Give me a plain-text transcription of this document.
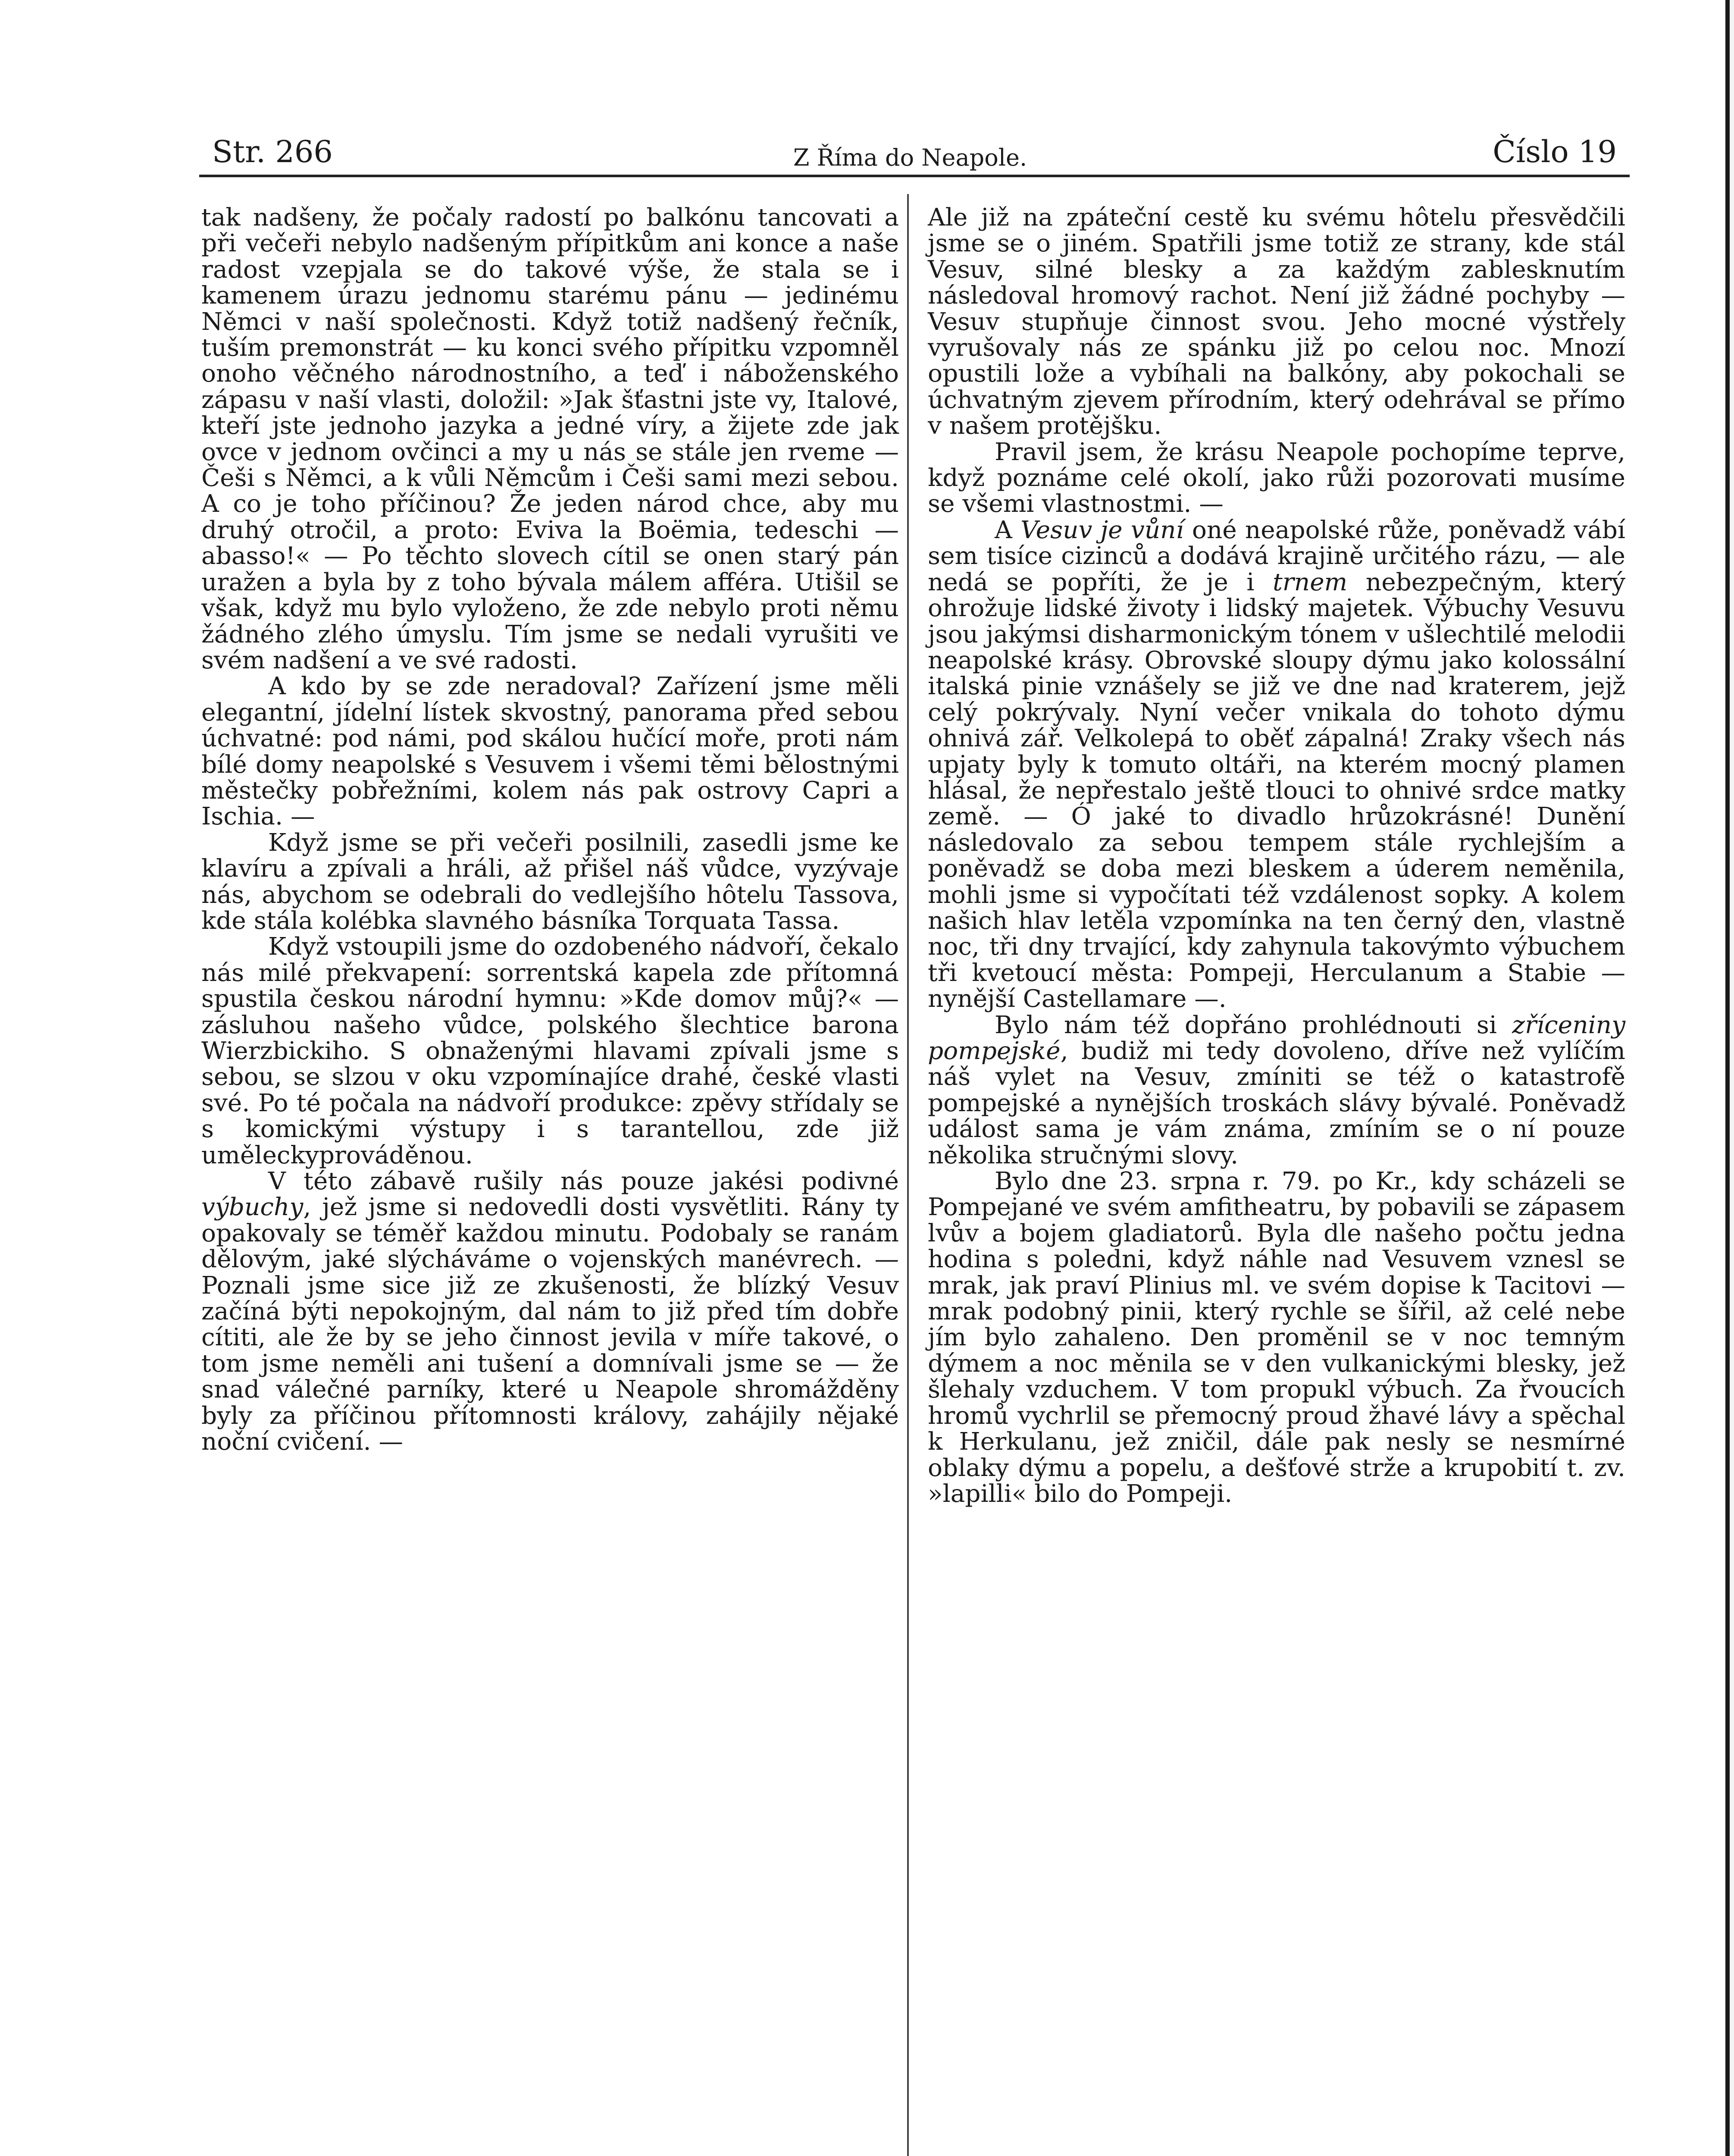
Str. 266	Z Říma do Neapole.	Číslo 19

tak nadšeny, že počaly radostí po balkónu tancovati a při večeři nebylo nadšeným přípitkům ani konce a naše radost vzepjala se do takové výše, že stala se i kamenem úrazu jednomu starému pánu — jedinému Němci v naší společnosti. Když totiž nadšený řečník, tuším premonstrát — ku konci svého přípitku vzpomněl onoho věčného národnostního, a teď i náboženského zápasu v naší vlasti, doložil: »Jak šťastni jste vy, Italové, kteří jste jednoho jazyka a jedné víry, a žijete zde jak ovce v jednom ovčinci a my u nás se stále jen rveme — Češi s Němci, a k vůli Němcům i Češi sami mezi sebou. A co je toho příčinou? Že jeden národ chce, aby mu druhý otročil, a proto: Eviva la Boëmia, tedeschi — abasso!« — Po těchto slovech cítil se onen starý pán uražen a byla by z toho bývala málem afféra. Utišil se však, když mu bylo vyloženo, že zde nebylo proti němu žádného zlého úmyslu. Tím jsme se nedali vyrušiti ve svém nadšení a ve své radosti.

A kdo by se zde neradoval? Zařízení jsme měli elegantní, jídelní lístek skvostný, panorama před sebou úchvatné: pod námi, pod skálou hučící moře, proti nám bílé domy neapolské s Vesuvem i všemi těmi bělostnými městečky pobřežními, kolem nás pak ostrovy Capri a Ischia. —

Když jsme se při večeři posilnili, zasedli jsme ke klavíru a zpívali a hráli, až přišel náš vůdce, vyzývaje nás, abychom se odebrali do vedlejšího hôtelu Tassova, kde stála kolébka slavného básníka Torquata Tassa.

Když vstoupili jsme do ozdobeného nádvoří, čekalo nás milé překvapení: sorrentská kapela zde přítomná spustila českou národní hymnu: »Kde domov můj?« — zásluhou našeho vůdce, polského šlechtice barona Wierzbickiho. S obnaženými hlavami zpívali jsme s sebou, se slzou v oku vzpomínajíce drahé, české vlasti své. Po té počala na nádvoří produkce: zpěvy střídaly se s komickými výstupy i s tarantellou, zde již uměleckyprováděnou.

V této zábavě rušily nás pouze jakési podivné výbuchy, jež jsme si nedovedli dosti vysvětliti. Rány ty opakovaly se téměř každou minutu. Podobaly se ranám dělovým, jaké slýcháváme o vojenských manévrech. — Poznali jsme sice již ze zkušenosti, že blízký Vesuv začíná býti nepokojným, dal nám to již před tím dobře cítiti, ale že by se jeho činnost jevila v míře takové, o tom jsme neměli ani tušení a domnívali jsme se — že snad válečné parníky, které u Neapole shromážděny byly za příčinou přítomnosti královy, zahájily nějaké noční cvičení. —

Ale již na zpáteční cestě ku svému hôtelu přesvědčili jsme se o jiném. Spatřili jsme totiž ze strany, kde stál Vesuv, silné blesky a za každým zablesknutím následoval hromový rachot. Není již žádné pochyby — Vesuv stupňuje činnost svou. Jeho mocné výstřely vyrušovaly nás ze spánku již po celou noc. Mnozí opustili lože a vybíhali na balkóny, aby pokochali se úchvatným zjevem přírodním, který odehrával se přímo v našem protějšku.

Pravil jsem, že krásu Neapole pochopíme teprve, když poznáme celé okolí, jako růži pozorovati musíme se všemi vlastnostmi. —

A Vesuv je vůní oné neapolské růže, poněvadž vábí sem tisíce cizinců a dodává krajině určitého rázu, — ale nedá se popříti, že je i trnem nebezpečným, který ohrožuje lidské životy i lidský majetek. Výbuchy Vesuvu jsou jakýmsi disharmonickým tónem v ušlechtilé melodii neapolské krásy. Obrovské sloupy dýmu jako kolossální italská pinie vznášely se již ve dne nad kraterem, jejž celý pokrývaly. Nyní večer vnikala do tohoto dýmu ohnivá zář. Velkolepá to oběť zápalná! Zraky všech nás upjaty byly k tomuto oltáři, na kterém mocný plamen hlásal, že nepřestalo ještě tlouci to ohnivé srdce matky země. — Ó jaké to divadlo hrůzokrásné! Dunění následovalo za sebou tempem stále rychlejším a poněvadž se doba mezi bleskem a úderem neměnila, mohli jsme si vypočítati též vzdálenost sopky. A kolem našich hlav letěla vzpomínka na ten černý den, vlastně noc, tři dny trvající, kdy zahynula takovýmto výbuchem tři kvetoucí města: Pompeji, Herculanum a Stabie — nynější Castellamare —.

Bylo nám též dopřáno prohlédnouti si zříceniny pompejské, budiž mi tedy dovoleno, dříve než vylíčím náš vylet na Vesuv, zmíniti se též o katastrofě pompejské a nynějších troskách slávy bývalé. Poněvadž událost sama je vám známa, zmíním se o ní pouze několika stručnými slovy.

Bylo dne 23. srpna r. 79. po Kr., kdy scházeli se Pompejané ve svém amfitheatru, by pobavili se zápasem lvův a bojem gladiatorů. Byla dle našeho počtu jedna hodina s poledni, když náhle nad Vesuvem vznesl se mrak, jak praví Plinius ml. ve svém dopise k Tacitovi — mrak podobný pinii, který rychle se šířil, až celé nebe jím bylo zahaleno. Den proměnil se v noc temným dýmem a noc měnila se v den vulkanickými blesky, jež šlehaly vzduchem. V tom propukl výbuch. Za řvoucích hromů vychrlil se přemocný proud žhavé lávy a spěchal k Herkulanu, jež zničil, dále pak nesly se nesmírné oblaky dýmu a popelu, a dešťové strže a krupobití t. zv. »lapilli« bilo do Pompeji.
